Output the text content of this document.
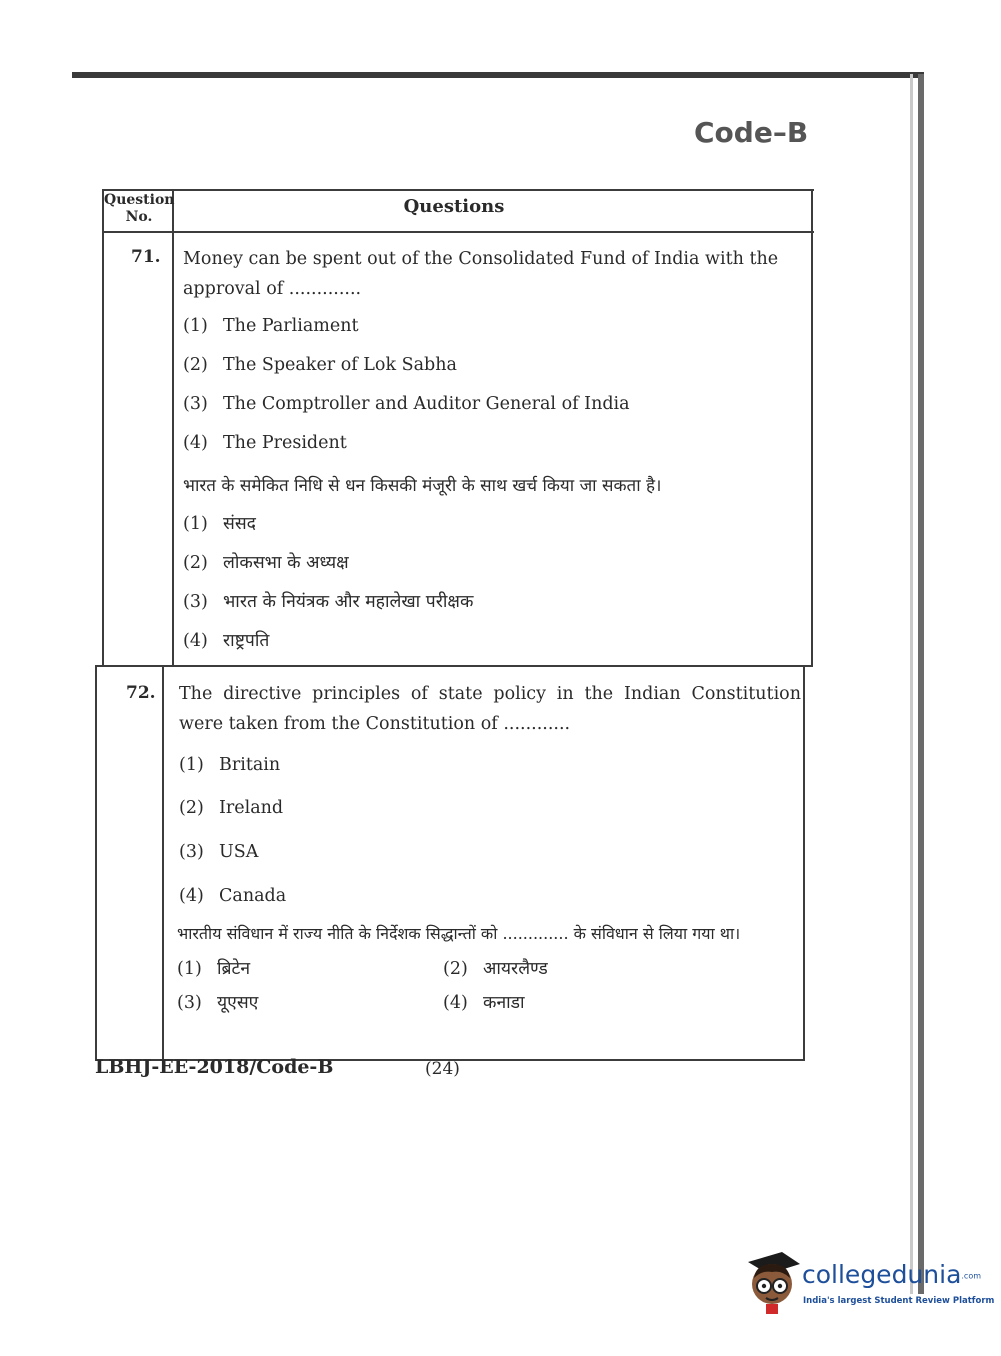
Code–B
Question No.	Questions
71. Money can be spent out of the Consolidated Fund of India with the approval of .............
(1) The Parliament
(2) The Speaker of Lok Sabha
(3) The Comptroller and Auditor General of India
(4) The President
भारत के समेकित निधि से धन किसकी मंजूरी के साथ खर्च किया जा सकता है।
(1) संसद
(2) लोकसभा के अध्यक्ष
(3) भारत के नियंत्रक और महालेखा परीक्षक
(4) राष्ट्रपति
72. The directive principles of state policy in the Indian Constitution were taken from the Constitution of ............
(1) Britain
(2) Ireland
(3) USA
(4) Canada
भारतीय संविधान में राज्य नीति के निर्देशक सिद्धान्तों को ............. के संविधान से लिया गया था।
(1) ब्रिटेन	(2) आयरलैण्ड
(3) यूएसए	(4) कनाडा
LBHJ-EE-2018/Code-B	(24)
collegedunia.com
India's largest Student Review Platform
